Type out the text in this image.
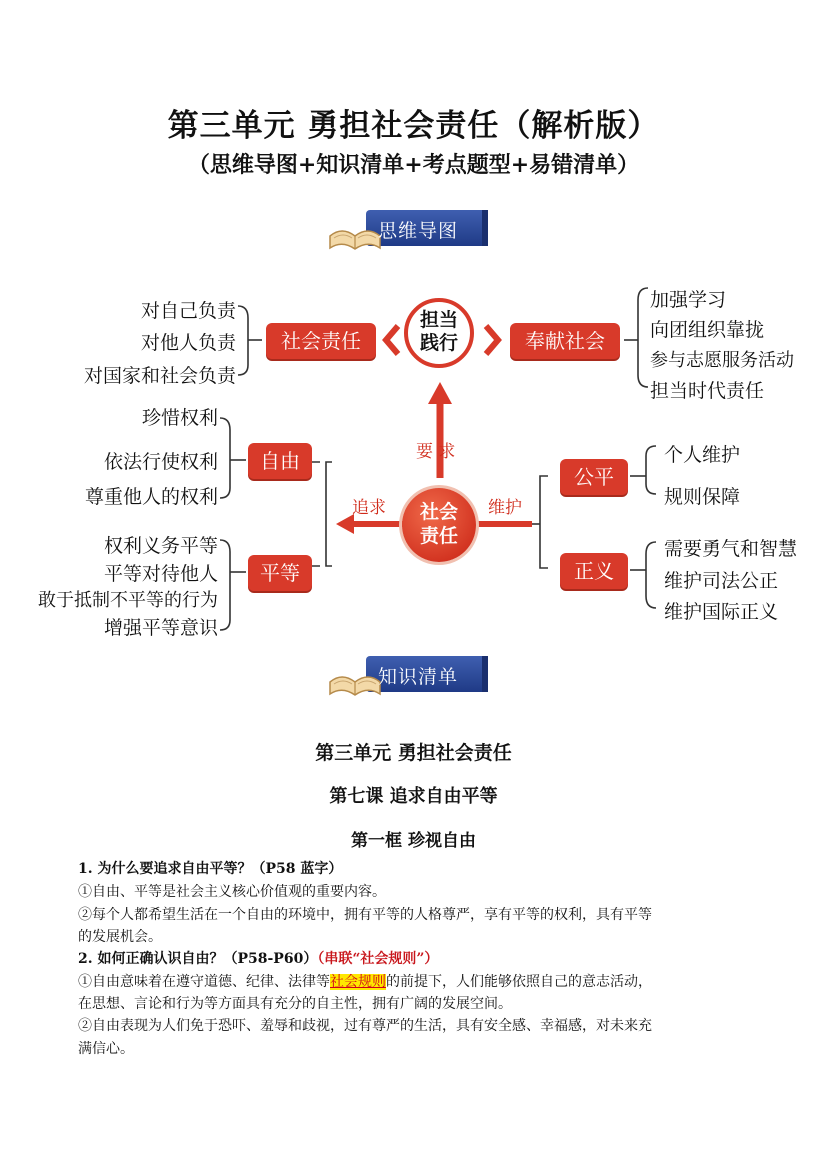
第三单元 勇担社会责任（解析版）
（思维导图+知识清单+考点题型+易错清单）
思维导图
担当
践行
社会
责任
社会责任	奉献社会
自由
平等
公平
正义
要 求
追求	维护
对自己负责
对他人负责
对国家和社会负责
加强学习
向团组织靠拢
参与志愿服务活动
担当时代责任
珍惜权利
依法行使权利
尊重他人的权利
权利义务平等
平等对待他人
敢于抵制不平等的行为
增强平等意识
个人维护
规则保障
需要勇气和智慧
维护司法公正
维护国际正义
知识清单
第三单元 勇担社会责任
第七课 追求自由平等
第一框 珍视自由
1. 为什么要追求自由平等？（P58 蓝字）
①自由、平等是社会主义核心价值观的重要内容。
②每个人都希望生活在一个自由的环境中，拥有平等的人格尊严，享有平等的权利，具有平等
的发展机会。
2. 如何正确认识自由？（P58-P60）（串联“社会规则”）
①自由意味着在遵守道德、纪律、法律等社会规则的前提下，人们能够依照自己的意志活动，
在思想、言论和行为等方面具有充分的自主性，拥有广阔的发展空间。
②自由表现为人们免于恐吓、羞辱和歧视，过有尊严的生活，具有安全感、幸福感，对未来充
满信心。
